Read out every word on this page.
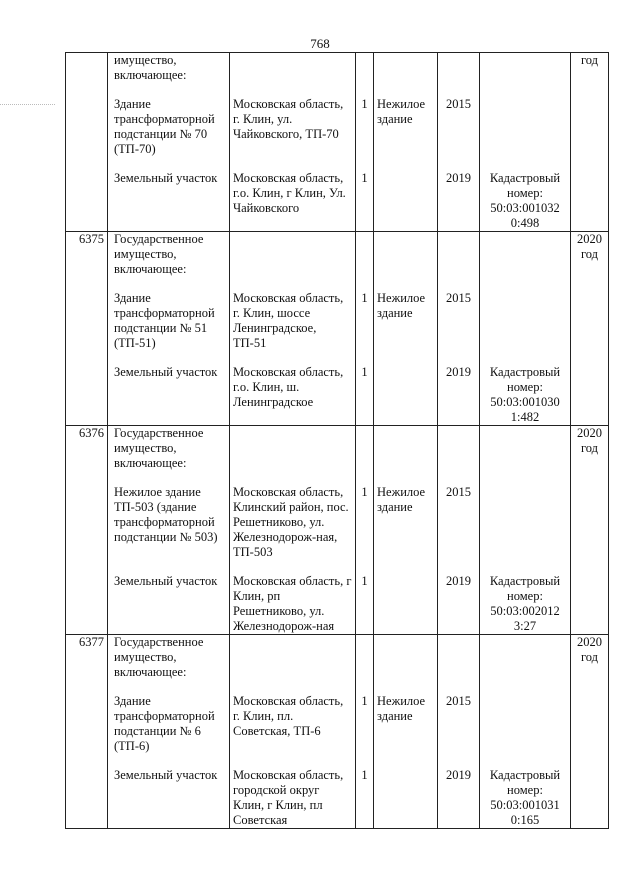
768
	имущество, включающее:						год

	Здание трансформаторной подстанции № 70 (ТП-70)	Московская область, г. Клин, ул. Чайковского, ТП-70	1	Нежилое здание	2015		

	Земельный участок	Московская область, г.о. Клин, г Клин, Ул. Чайковского	1		2019	Кадастровый номер: 50:03:001032 0:498	
6375	Государственное имущество, включающее:						2020 год

	Здание трансформаторной подстанции № 51 (ТП-51)	Московская область, г. Клин, шоссе Ленинградское, ТП-51	1	Нежилое здание	2015		

	Земельный участок	Московская область, г.о. Клин, ш. Ленинградское	1		2019	Кадастровый номер: 50:03:001030 1:482	
6376	Государственное имущество, включающее:						2020 год

	Нежилое здание ТП-503 (здание трансформаторной подстанции № 503)	Московская область, Клинский район, пос. Решетниково, ул. Железнодорож-ная, ТП-503	1	Нежилое здание	2015		

	Земельный участок	Московская область, г Клин, рп Решетниково, ул. Железнодорож-ная	1		2019	Кадастровый номер: 50:03:002012 3:27	
6377	Государственное имущество, включающее:						2020 год

	Здание трансформаторной подстанции № 6 (ТП-6)	Московская область, г. Клин, пл. Советская, ТП-6	1	Нежилое здание	2015		

	Земельный участок	Московская область, городской округ Клин, г Клин, пл Советская	1		2019	Кадастровый номер: 50:03:001031 0:165	
